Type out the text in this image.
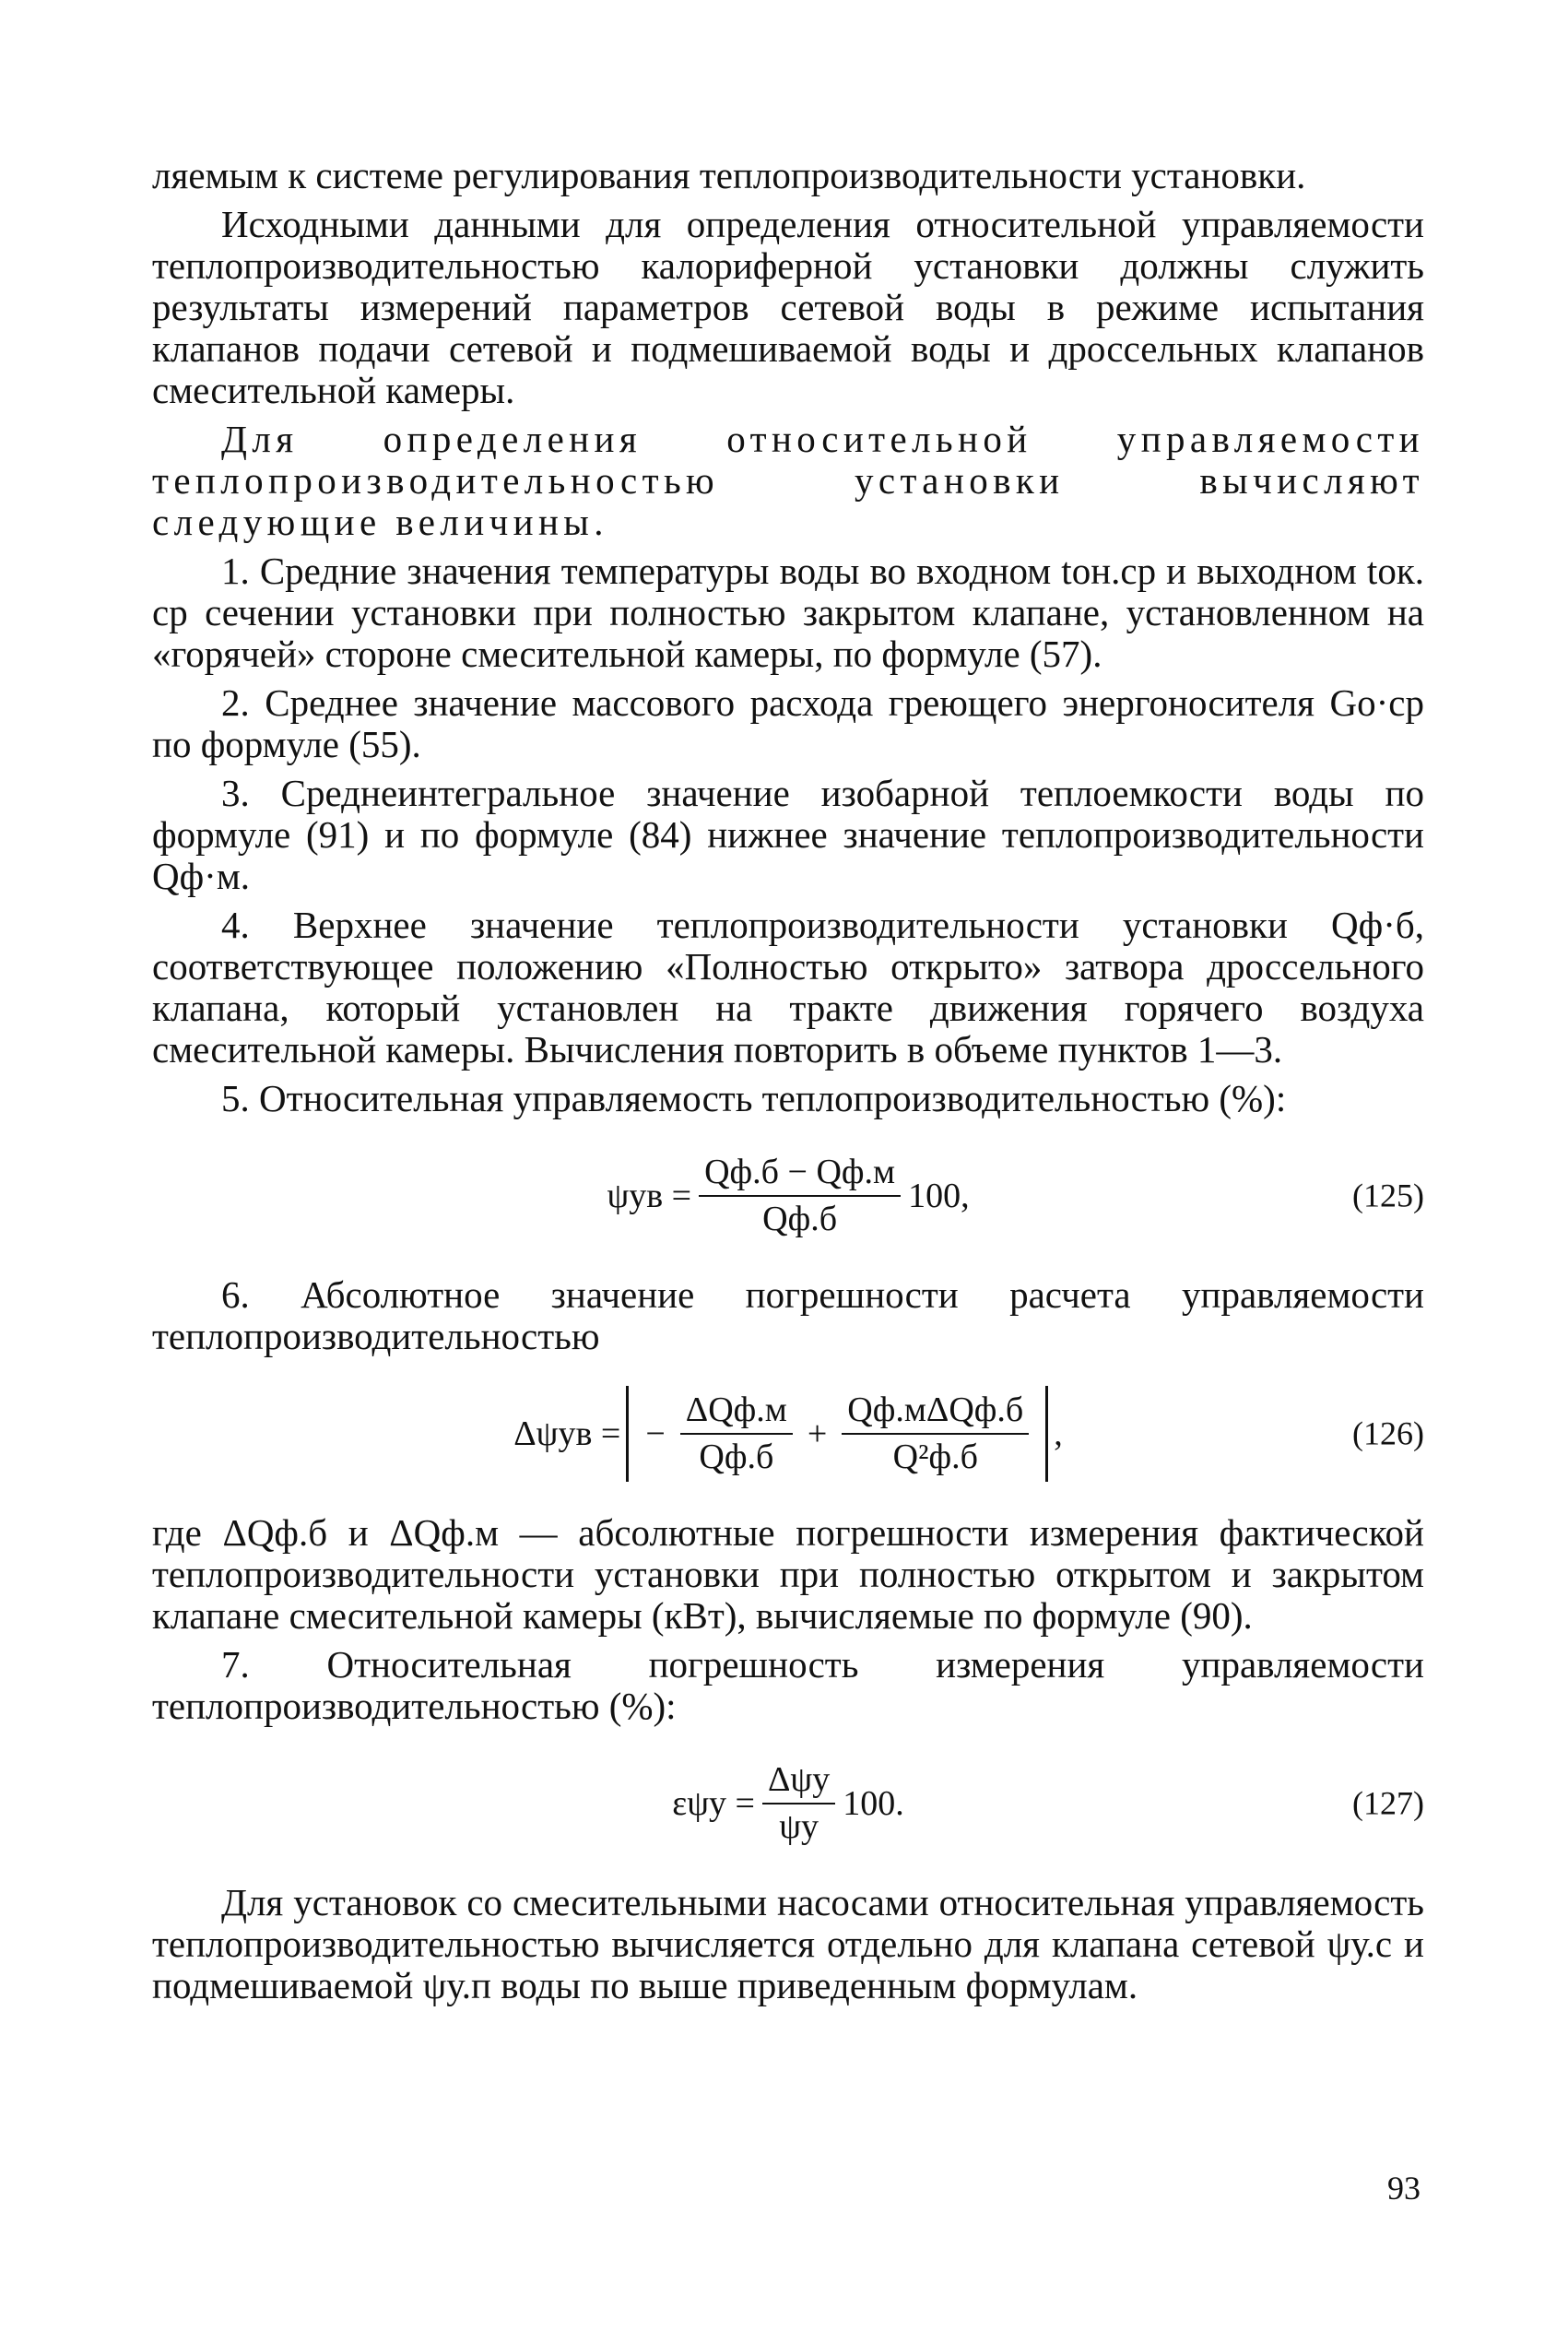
ляемым к системе регулирования теплопроизводительности установки.

Исходными данными для определения относительной управляемости теплопроизводительностью калориферной установки должны служить результаты измерений параметров сетевой воды в режиме испытания клапанов подачи сетевой и подмешиваемой воды и дроссельных клапанов смесительной камеры.

Для определения относительной управляемости теплопроизводительностью установки вычисляют следующие величины.

1. Средние значения температуры воды во входном tон.ср и выходном tок. ср сечении установки при полностью закрытом клапане, установленном на «горячей» стороне смесительной камеры, по формуле (57).

2. Среднее значение массового расхода греющего энергоносителя Gо·ср по формуле (55).

3. Среднеинтегральное значение изобарной теплоемкости воды по формуле (91) и по формуле (84) нижнее значение теплопроизводительности Qф·м.

4. Верхнее значение теплопроизводительности установки Qф·б, соответствующее положению «Полностью открыто» затвора дроссельного клапана, который установлен на тракте движения горячего воздуха смесительной камеры. Вычисления повторить в объеме пунктов 1—3.

5. Относительная управляемость теплопроизводительностью (%):

$\psi ув = \frac{Qф.б - Qф.м}{Qф.б} 100$,	(125)

6. Абсолютное значение погрешности расчета управляемости теплопроизводительностью

Δψув = − $\frac{\text{ΔQф.м}}{Qф.б} + \frac{\text{Qф.мΔQф.б}}{\text{Q²ф.б}}$ ,	(126)

где ΔQф.б и ΔQф.м — абсолютные погрешности измерения фактической теплопроизводительности установки при полностью открытом и закрытом клапане смесительной камеры (кВт), вычисляемые по формуле (90).

7. Относительная погрешность измерения управляемости теплопроизводительностью (%):

$\varepsilon\psi у = \frac{\text{Δψу}}{\psi у} 100$.	(127)

Для установок со смесительными насосами относительная управляемость теплопроизводительностью вычисляется отдельно для клапана сетевой ψу.с и подмешиваемой ψу.п воды по выше приведенным формулам.

93
